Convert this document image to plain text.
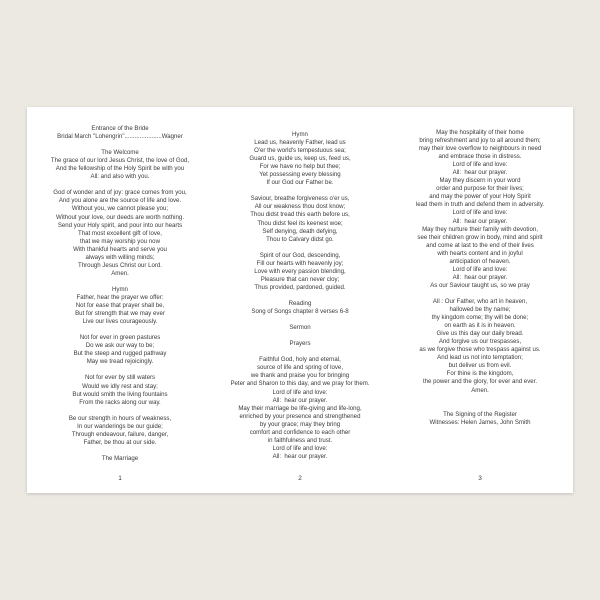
Entrance of the Bride
Bridal March "Lohengrin"......................Wagner
The Welcome
The grace of our lord Jesus Christ, the love of God,
And the fellowship of the Holy Spirit be with you
All: and also with you.
God of wonder and of joy: grace comes from you,
And you alone are the source of life and love.
Without you, we cannot please you;
Without your love, our deeds are worth nothing.
Send your Holy spirit, and pour into our hearts
That most excellent gift of love,
that we may worship you now
With thankful hearts and serve you
always with willing minds;
Through Jesus Christ our Lord.
Amen.
Hymn
Father, hear the prayer we offer:
Not for ease that prayer shall be,
But for strength that we may ever
Live our lives courageously.
Not for ever in green pastures
Do we ask our way to be;
But the steep and rugged pathway
May we tread rejoicingly.
Not for ever by still waters
Would we idly rest and stay;
But would smith the living fountains
From the racks along our way.
Be our strength in hours of weakness,
In our wanderings be our guide;
Through endeavour, failure, danger,
Father, be thou at our side.
The Marriage
Hymn
Lead us, heavenly Father, lead us
O'er the world's tempestuous sea;
Guard us, guide us, keep us, feed us,
For we have no help but thee;
Yet possessing every blessing
If our God our Father be.
Saviour, breathe forgiveness o'er us,
All our weakness thou dost know;
Thou didst tread this earth before us,
Thou didst feel its keenest woe;
Self denying, death defying,
Thou to Calvary didst go.
Spirit of our God, descending,
Fill our hearts with heavenly joy;
Love with every passion blending,
Pleasure that can never cloy;
Thus provided, pardoned, guided.
Reading
Song of Songs chapter 8 verses 6-8
Sermon
Prayers
Faithful God, holy and eternal,
source of life and spring of love,
we thank and praise you for bringing
Peter and Sharon to this day, and we pray for them.
Lord of life and love:
All:  hear our prayer.
May their marriage be life-giving and life-long,
enriched by your presence and strengthened
by your grace; may they bring
comfort and confidence to each other
in faithfulness and trust.
Lord of life and love:
All:  hear our prayer.
May the hospitality of their home
bring refreshment and joy to all around them;
may their love overflow to neighbours in need
and embrace those in distress.
Lord of life and love:
All:  hear our prayer.
May they discern in your word
order and purpose for their lives;
and may the power of your Holy Spirit
lead them in truth and defend them in adversity.
Lord of life and love:
All:  hear our prayer.
May they nurture their family with devotion,
see their children grow in body, mind and spirit
and come at last to the end of their lives
with hearts content and in joyful
anticipation of heaven.
Lord of life and love:
All:  hear our prayer.
As our Saviour taught us, so we pray
All : Our Father, who art in heaven,
hallowed be thy name;
thy kingdom come; thy will be done;
on earth as it is in heaven.
Give us this day our daily bread.
And forgive us our trespasses,
as we forgive those who trespass against us.
And lead us not into temptation;
but deliver us from evil.
For thine is the kingdom,
the power and the glory, for ever and ever.
Amen.
The Signing of the Register
Witnesses: Helen James, John Smith
1	2	3
